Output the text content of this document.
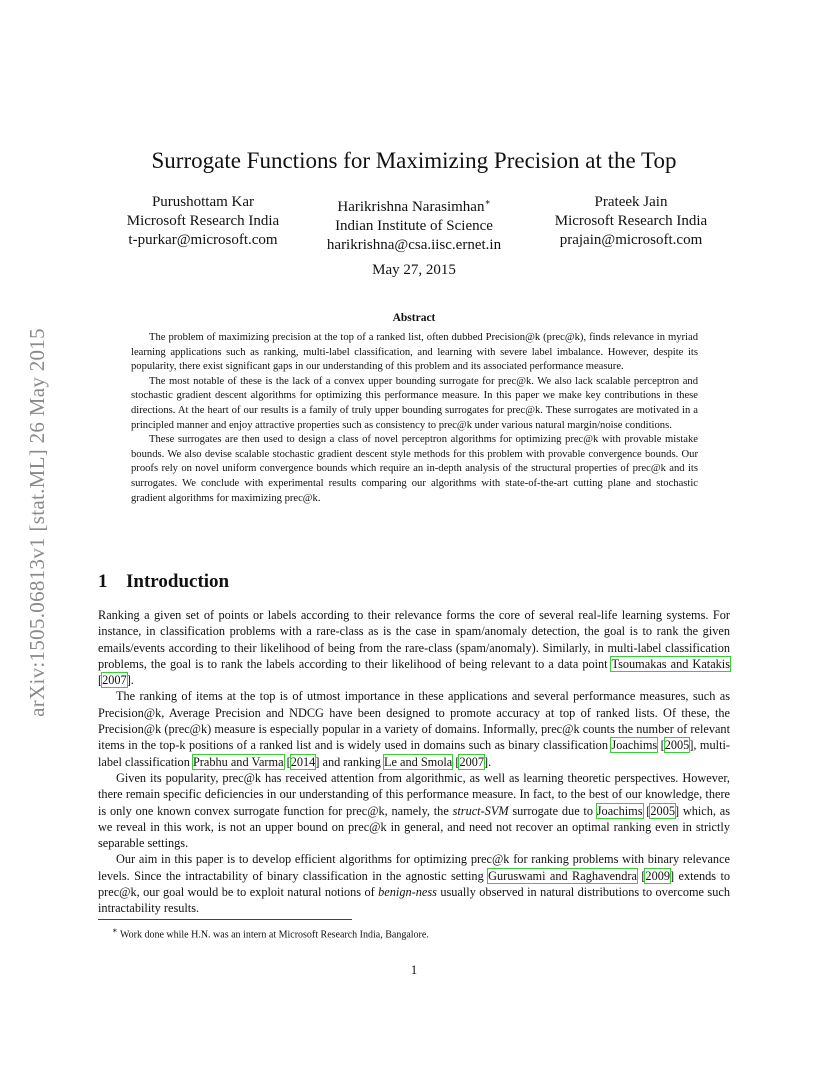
arXiv:1505.06813v1 [stat.ML] 26 May 2015
Surrogate Functions for Maximizing Precision at the Top
Purushottam Kar
Microsoft Research India
t-purkar@microsoft.com
Harikrishna Narasimhan∗
Indian Institute of Science
harikrishna@csa.iisc.ernet.in
Prateek Jain
Microsoft Research India
prajain@microsoft.com
May 27, 2015
Abstract

The problem of maximizing precision at the top of a ranked list, often dubbed Precision@k (prec@k), finds relevance in myriad learning applications such as ranking, multi-label classification, and learning with severe label imbalance. However, despite its popularity, there exist significant gaps in our understanding of this problem and its associated performance measure.

The most notable of these is the lack of a convex upper bounding surrogate for prec@k. We also lack scalable perceptron and stochastic gradient descent algorithms for optimizing this performance measure. In this paper we make key contributions in these directions. At the heart of our results is a family of truly upper bounding surrogates for prec@k. These surrogates are motivated in a principled manner and enjoy attractive properties such as consistency to prec@k under various natural margin/noise conditions.

These surrogates are then used to design a class of novel perceptron algorithms for optimizing prec@k with provable mistake bounds. We also devise scalable stochastic gradient descent style methods for this problem with provable convergence bounds. Our proofs rely on novel uniform convergence bounds which require an in-depth analysis of the structural properties of prec@k and its surrogates. We conclude with experimental results comparing our algorithms with state-of-the-art cutting plane and stochastic gradient algorithms for maximizing prec@k.

1 Introduction

Ranking a given set of points or labels according to their relevance forms the core of several real-life learning systems. For instance, in classification problems with a rare-class as is the case in spam/anomaly detection, the goal is to rank the given emails/events according to their likelihood of being from the rare-class (spam/anomaly). Similarly, in multi-label classification problems, the goal is to rank the labels according to their likelihood of being relevant to a data point Tsoumakas and Katakis [2007].

The ranking of items at the top is of utmost importance in these applications and several performance measures, such as Precision@k, Average Precision and NDCG have been designed to promote accuracy at top of ranked lists. Of these, the Precision@k (prec@k) measure is especially popular in a variety of domains. Informally, prec@k counts the number of relevant items in the top-k positions of a ranked list and is widely used in domains such as binary classification Joachims [2005], multi-label classification Prabhu and Varma [2014] and ranking Le and Smola [2007].

Given its popularity, prec@k has received attention from algorithmic, as well as learning theoretic perspectives. However, there remain specific deficiencies in our understanding of this performance measure. In fact, to the best of our knowledge, there is only one known convex surrogate function for prec@k, namely, the struct-SVM surrogate due to Joachims [2005] which, as we reveal in this work, is not an upper bound on prec@k in general, and need not recover an optimal ranking even in strictly separable settings.

Our aim in this paper is to develop efficient algorithms for optimizing prec@k for ranking problems with binary relevance levels. Since the intractability of binary classification in the agnostic setting Guruswami and Raghavendra [2009] extends to prec@k, our goal would be to exploit natural notions of benign-ness usually observed in natural distributions to overcome such intractability results.

∗ Work done while H.N. was an intern at Microsoft Research India, Bangalore.
1
